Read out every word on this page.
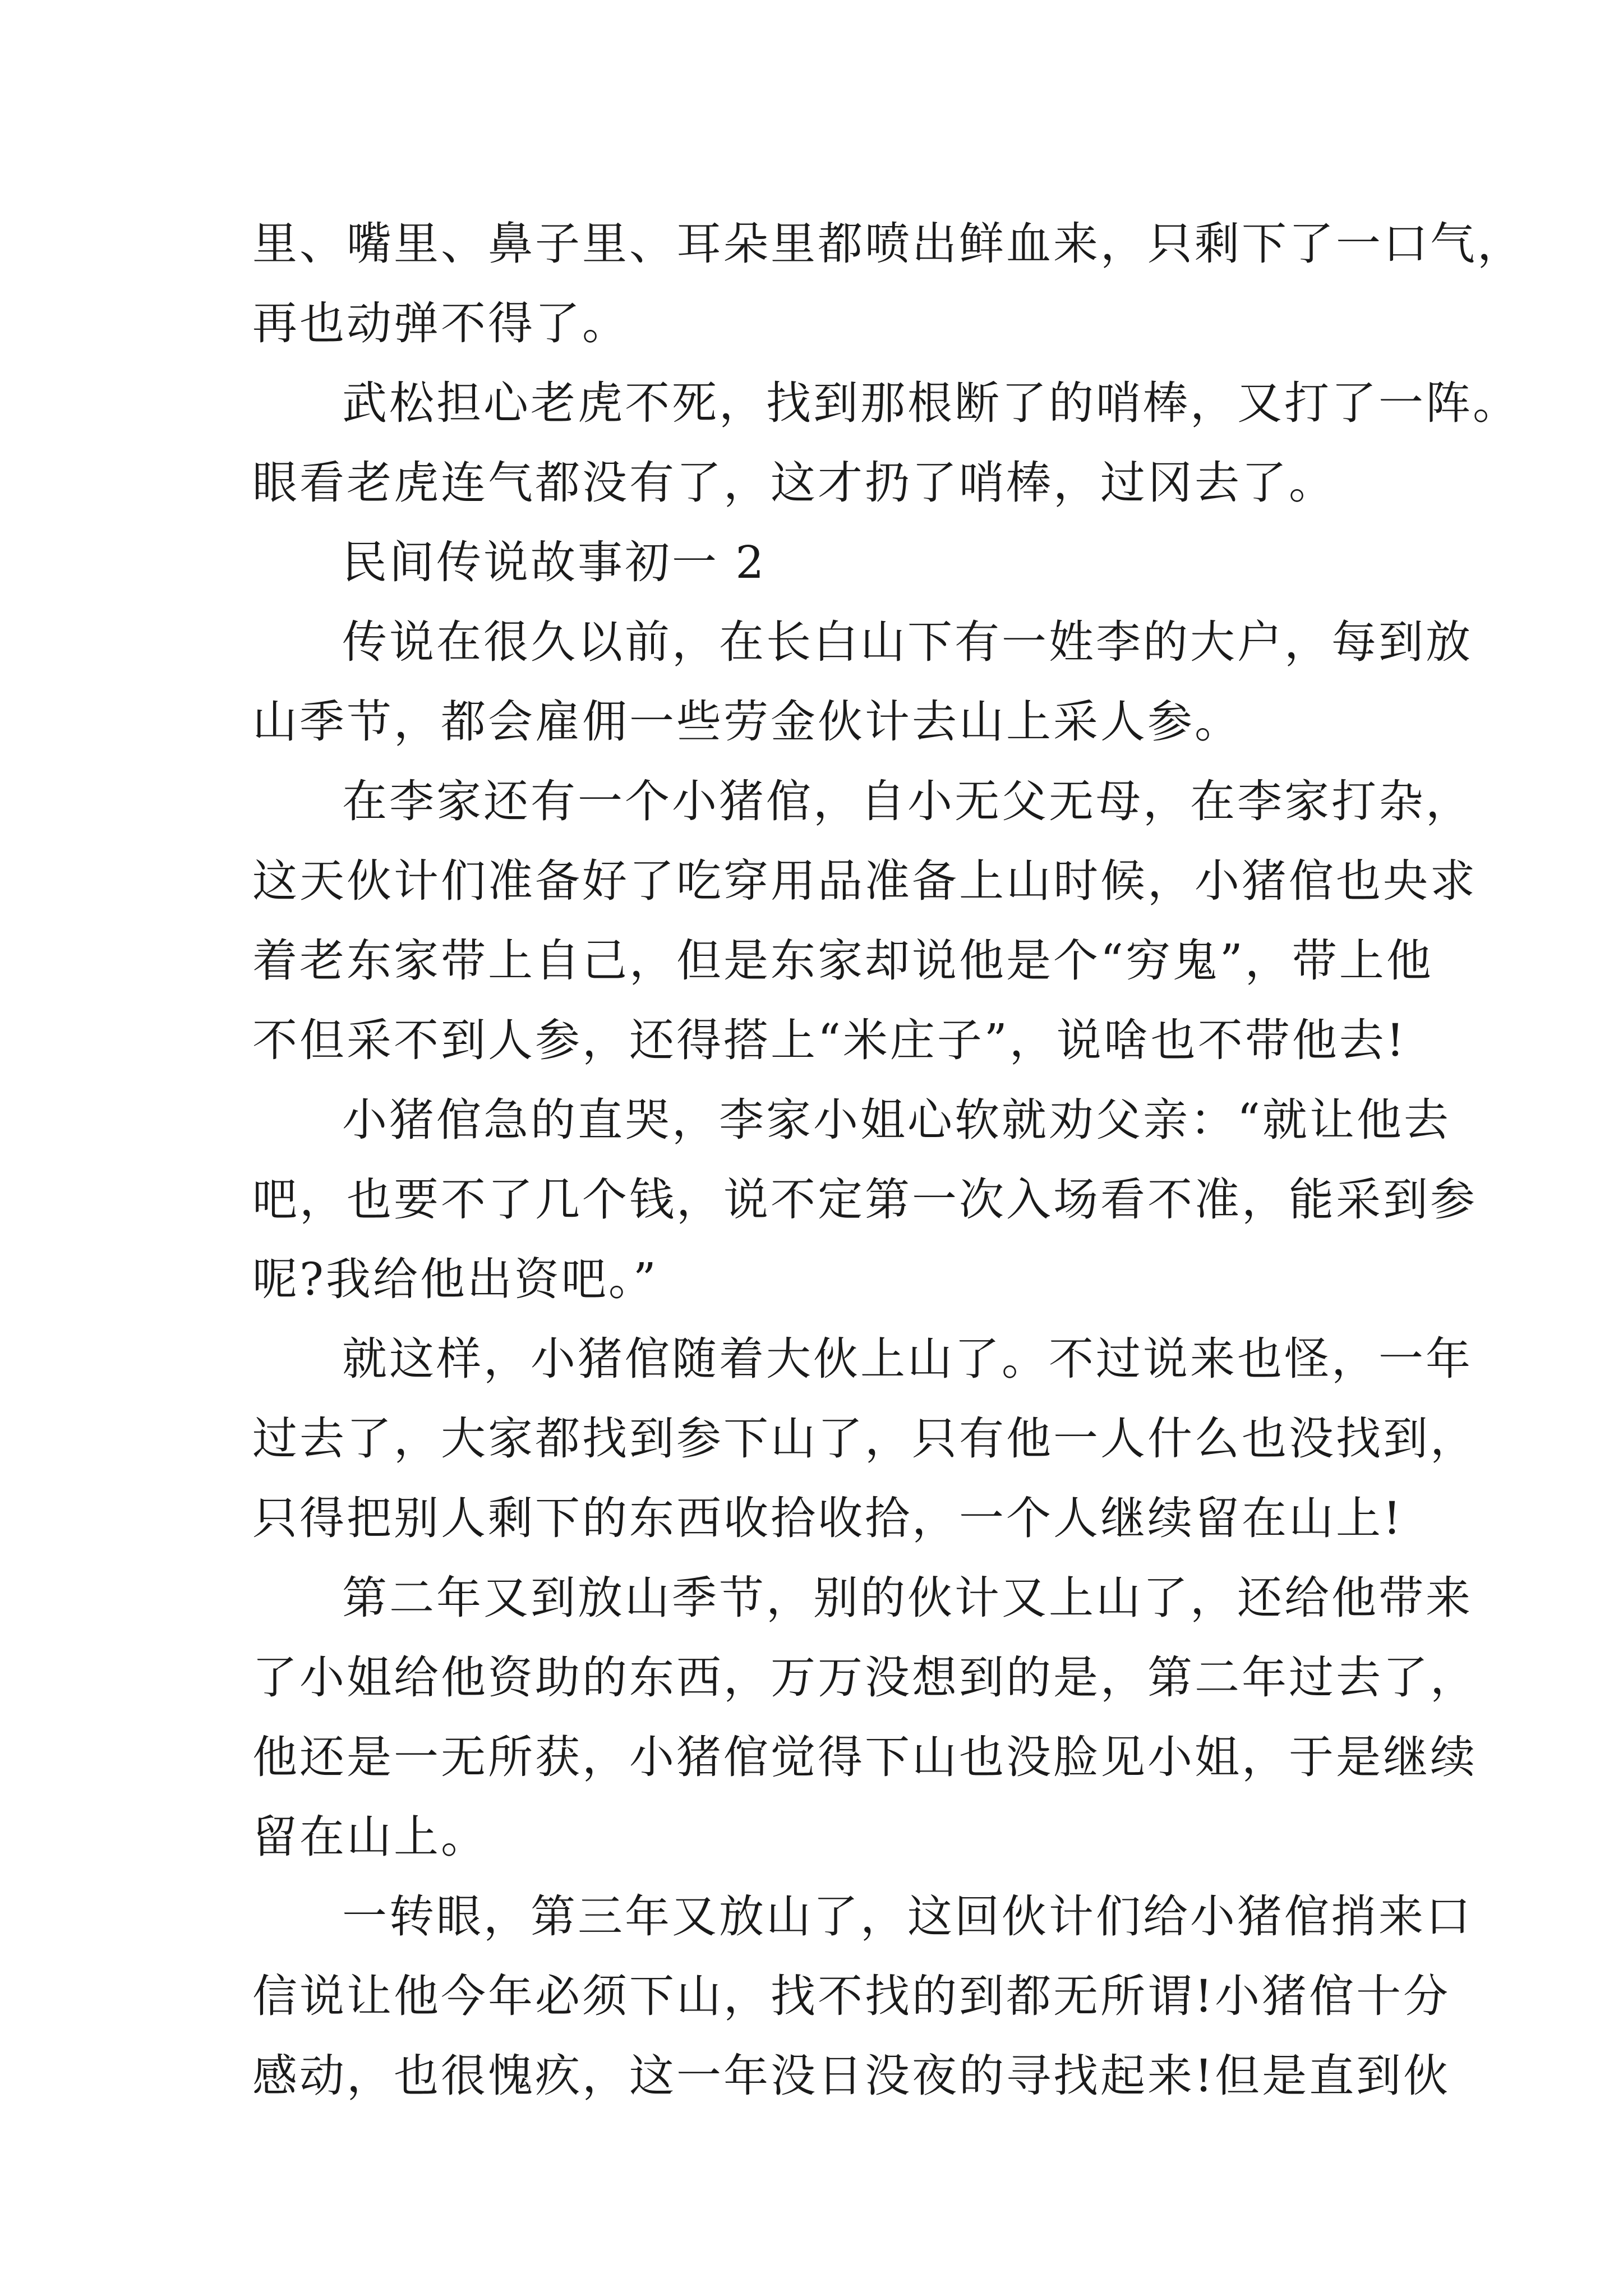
里、嘴里、鼻子里、耳朵里都喷出鲜血来，只剩下了一口气，
再也动弹不得了。
武松担心老虎不死，找到那根断了的哨棒，又打了一阵。
眼看老虎连气都没有了，这才扔了哨棒，过冈去了。
民间传说故事初一 2
传说在很久以前，在长白山下有一姓李的大户，每到放
山季节，都会雇佣一些劳金伙计去山上采人参。
在李家还有一个小猪倌，自小无父无母，在李家打杂，
这天伙计们准备好了吃穿用品准备上山时候，小猪倌也央求
着老东家带上自己，但是东家却说他是个“穷鬼”，带上他
不但采不到人参，还得搭上“米庄子”，说啥也不带他去!
小猪倌急的直哭，李家小姐心软就劝父亲：“就让他去
吧，也要不了几个钱，说不定第一次入场看不准，能采到参
呢?我给他出资吧。”
就这样，小猪倌随着大伙上山了。不过说来也怪，一年
过去了，大家都找到参下山了，只有他一人什么也没找到，
只得把别人剩下的东西收拾收拾，一个人继续留在山上!
第二年又到放山季节，别的伙计又上山了，还给他带来
了小姐给他资助的东西，万万没想到的是，第二年过去了，
他还是一无所获，小猪倌觉得下山也没脸见小姐，于是继续
留在山上。
一转眼，第三年又放山了，这回伙计们给小猪倌捎来口
信说让他今年必须下山，找不找的到都无所谓!小猪倌十分
感动，也很愧疚，这一年没日没夜的寻找起来!但是直到伙
